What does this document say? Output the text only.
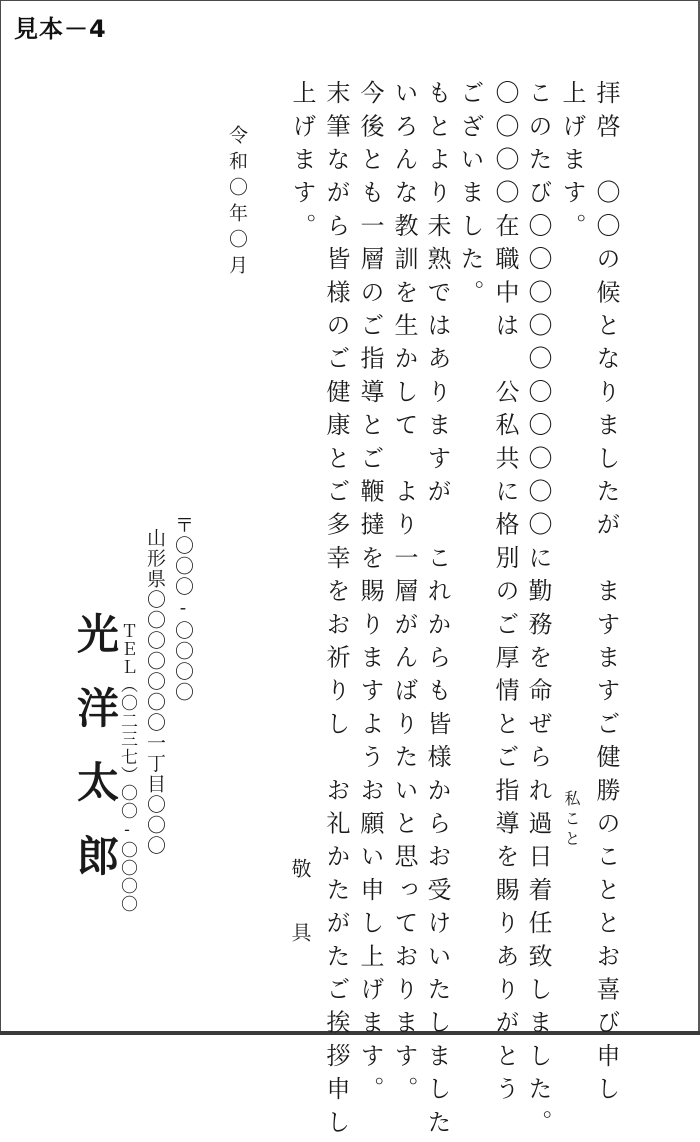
見本－4
拝啓　〇〇の候となりましたが　ますますご健勝のこととお喜び申し
上げます。
私こと
このたび〇〇〇〇〇〇〇〇〇〇に勤務を命ぜられ過日着任致しました。
〇〇〇〇在職中は　公私共に格別のご厚情とご指導を賜りありがとう
ございました。
もとより未熟ではありますが　これからも皆様からお受けいたしました
いろんな教訓を生かして　より一層がんばりたいと思っております。
今後とも一層のご指導とご鞭撻を賜りますようお願い申し上げます。
末筆ながら皆様のご健康とご多幸をお祈りし　お礼かたがたご挨拶申し
上げます。
敬　具
令和〇年〇月
〒〇〇〇‐〇〇〇〇
山形県〇〇〇〇〇〇〇一丁目〇〇〇
ＴＥＬ（〇二三七）〇〇‐〇〇〇〇
光洋太郎
